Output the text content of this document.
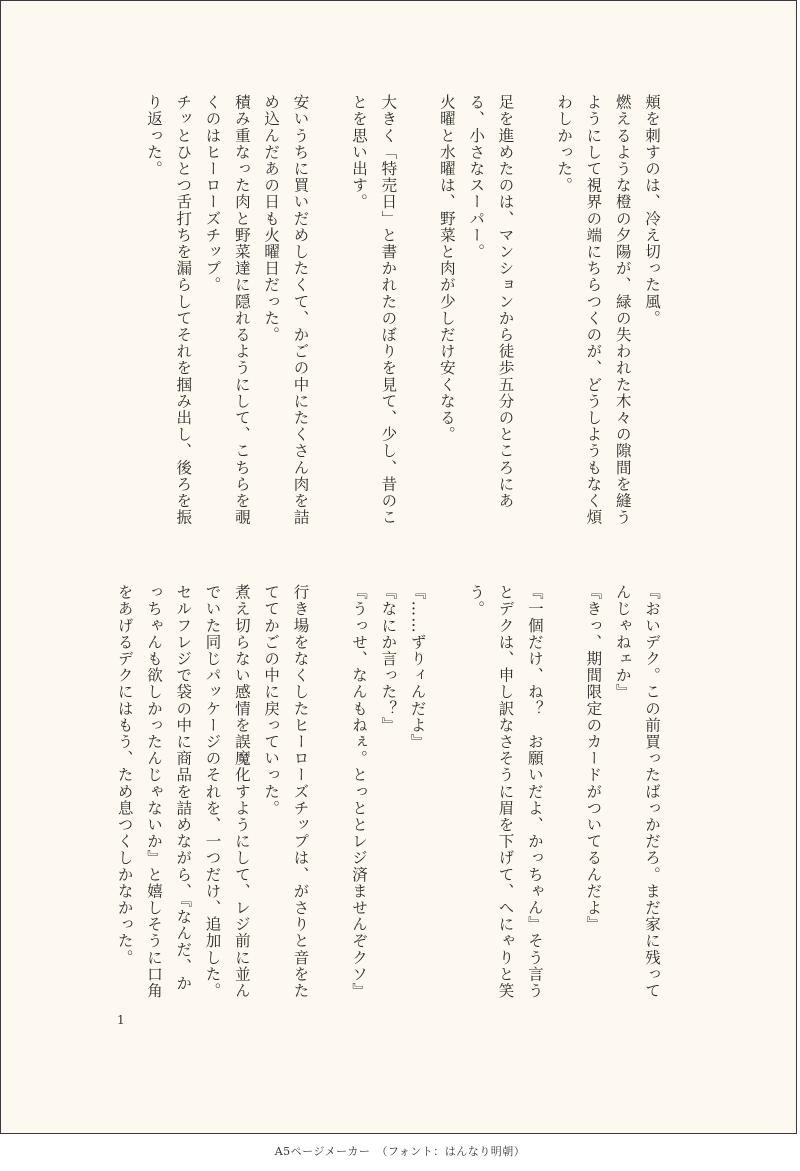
頬を刺すのは、冷え切った風。

燃えるような橙の夕陽が、緑の失われた木々の隙間を縫うようにして視界の端にちらつくのが、どうしようもなく煩わしかった。

足を進めたのは、マンションから徒歩五分のところにある、小さなスーパー。

火曜と水曜は、野菜と肉が少しだけ安くなる。

大きく「特売日」と書かれたのぼりを見て、少し、昔のことを思い出す。

安いうちに買いだめしたくて、かごの中にたくさん肉を詰め込んだあの日も火曜日だった。

積み重なった肉と野菜達に隠れるようにして、こちらを覗くのはヒーローズチップ。

チッとひとつ舌打ちを漏らしてそれを掴み出し、後ろを振り返った。

『おいデク。この前買ったばっかだろ。まだ家に残ってんじゃねェか』

『きっ、期間限定のカードがついてるんだよ』

『一個だけ、ね？　お願いだよ、かっちゃん』そう言うとデクは、申し訳なさそうに眉を下げて、へにゃりと笑う。

『……ずりィんだよ』

『なにか言った？』

『うっせ、なんもねぇ。とっととレジ済ませんぞクソ』

行き場をなくしたヒーローズチップは、がさりと音をたててかごの中に戻っていった。

煮え切らない感情を誤魔化すようにして、レジ前に並んでいた同じパッケージのそれを、一つだけ、追加した。

セルフレジで袋の中に商品を詰めながら、『なんだ、かっちゃんも欲しかったんじゃないか』と嬉しそうに口角をあげるデクにはもう、ため息つくしかなかった。

1
A5ページメーカー　（フォント：はんなり明朝）
